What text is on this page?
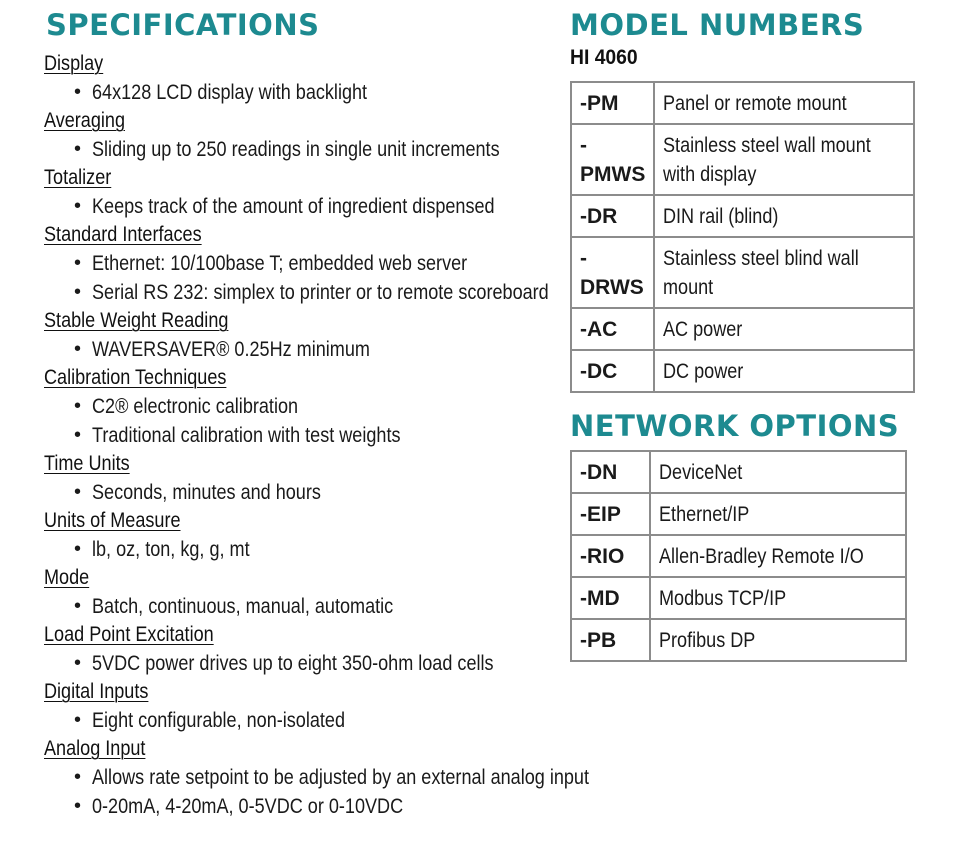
SPECIFICATIONS
Display
• 64x128 LCD display with backlight
Averaging
• Sliding up to 250 readings in single unit increments
Totalizer
• Keeps track of the amount of ingredient dispensed
Standard Interfaces
• Ethernet: 10/100base T; embedded web server
• Serial RS 232: simplex to printer or to remote scoreboard
Stable Weight Reading
• WAVERSAVER® 0.25Hz minimum
Calibration Techniques
• C2® electronic calibration
• Traditional calibration with test weights
Time Units
• Seconds, minutes and hours
Units of Measure
• lb, oz, ton, kg, g, mt
Mode
• Batch, continuous, manual, automatic
Load Point Excitation
• 5VDC power drives up to eight 350-ohm load cells
Digital Inputs
• Eight configurable, non-isolated
Analog Input
• Allows rate setpoint to be adjusted by an external analog input
• 0-20mA, 4-20mA, 0-5VDC or 0-10VDC
MODEL NUMBERS
HI 4060
-PM	Panel or remote mount
-PMWS	Stainless steel wall mount
with display
-DR	DIN rail (blind)
-DRWS	Stainless steel blind wall
mount
-AC	AC power
-DC	DC power
NETWORK OPTIONS
-DN	DeviceNet
-EIP	Ethernet/IP
-RIO	Allen-Bradley Remote I/O
-MD	Modbus TCP/IP
-PB	Profibus DP
